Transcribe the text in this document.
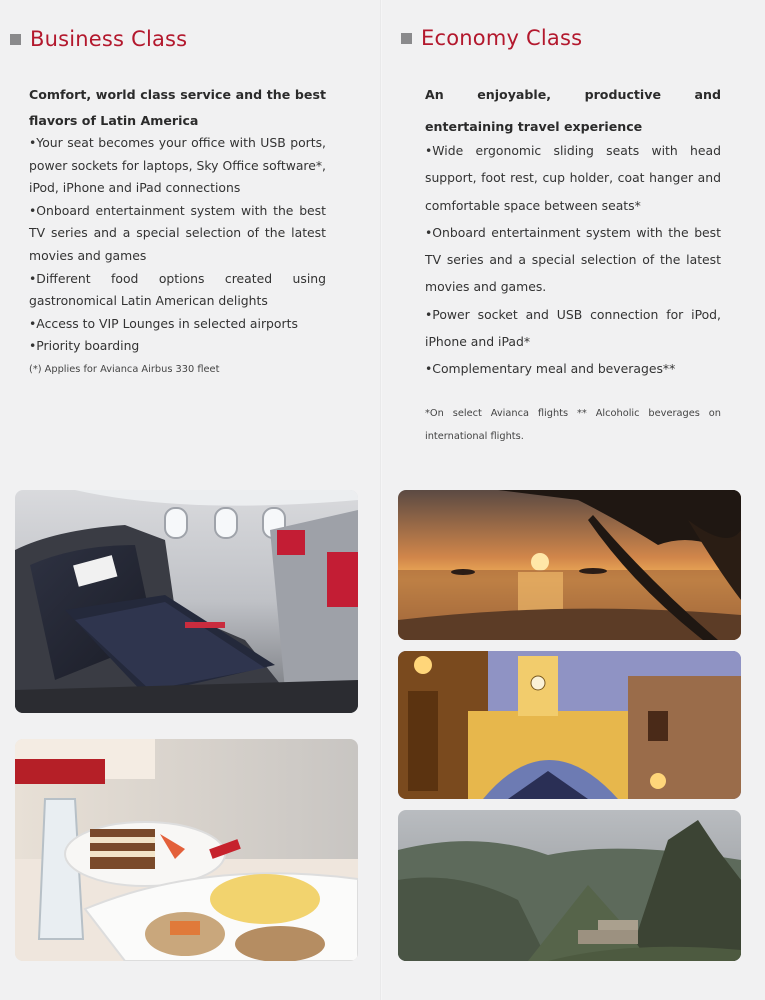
Business Class
Comfort, world class service and the best flavors of Latin America
•Your seat becomes your office with USB ports, power sockets for laptops, Sky Office software*, iPod, iPhone and iPad connections
•Onboard entertainment system with the best TV series and a special selection of the latest movies and games
•Different food options created using gastronomical Latin American delights
•Access to VIP Lounges in selected airports
•Priority boarding
(*) Applies for Avianca Airbus 330 fleet
Economy Class
An enjoyable, productive and entertaining travel experience
•Wide ergonomic sliding seats with head support, foot rest, cup holder, coat hanger and comfortable space between seats*
•Onboard entertainment system with the best TV series and a special selection of the latest movies and games.
•Power socket and USB connection for iPod, iPhone and iPad*
•Complementary meal and beverages**
*On select Avianca flights ** Alcoholic beverages on international flights.
